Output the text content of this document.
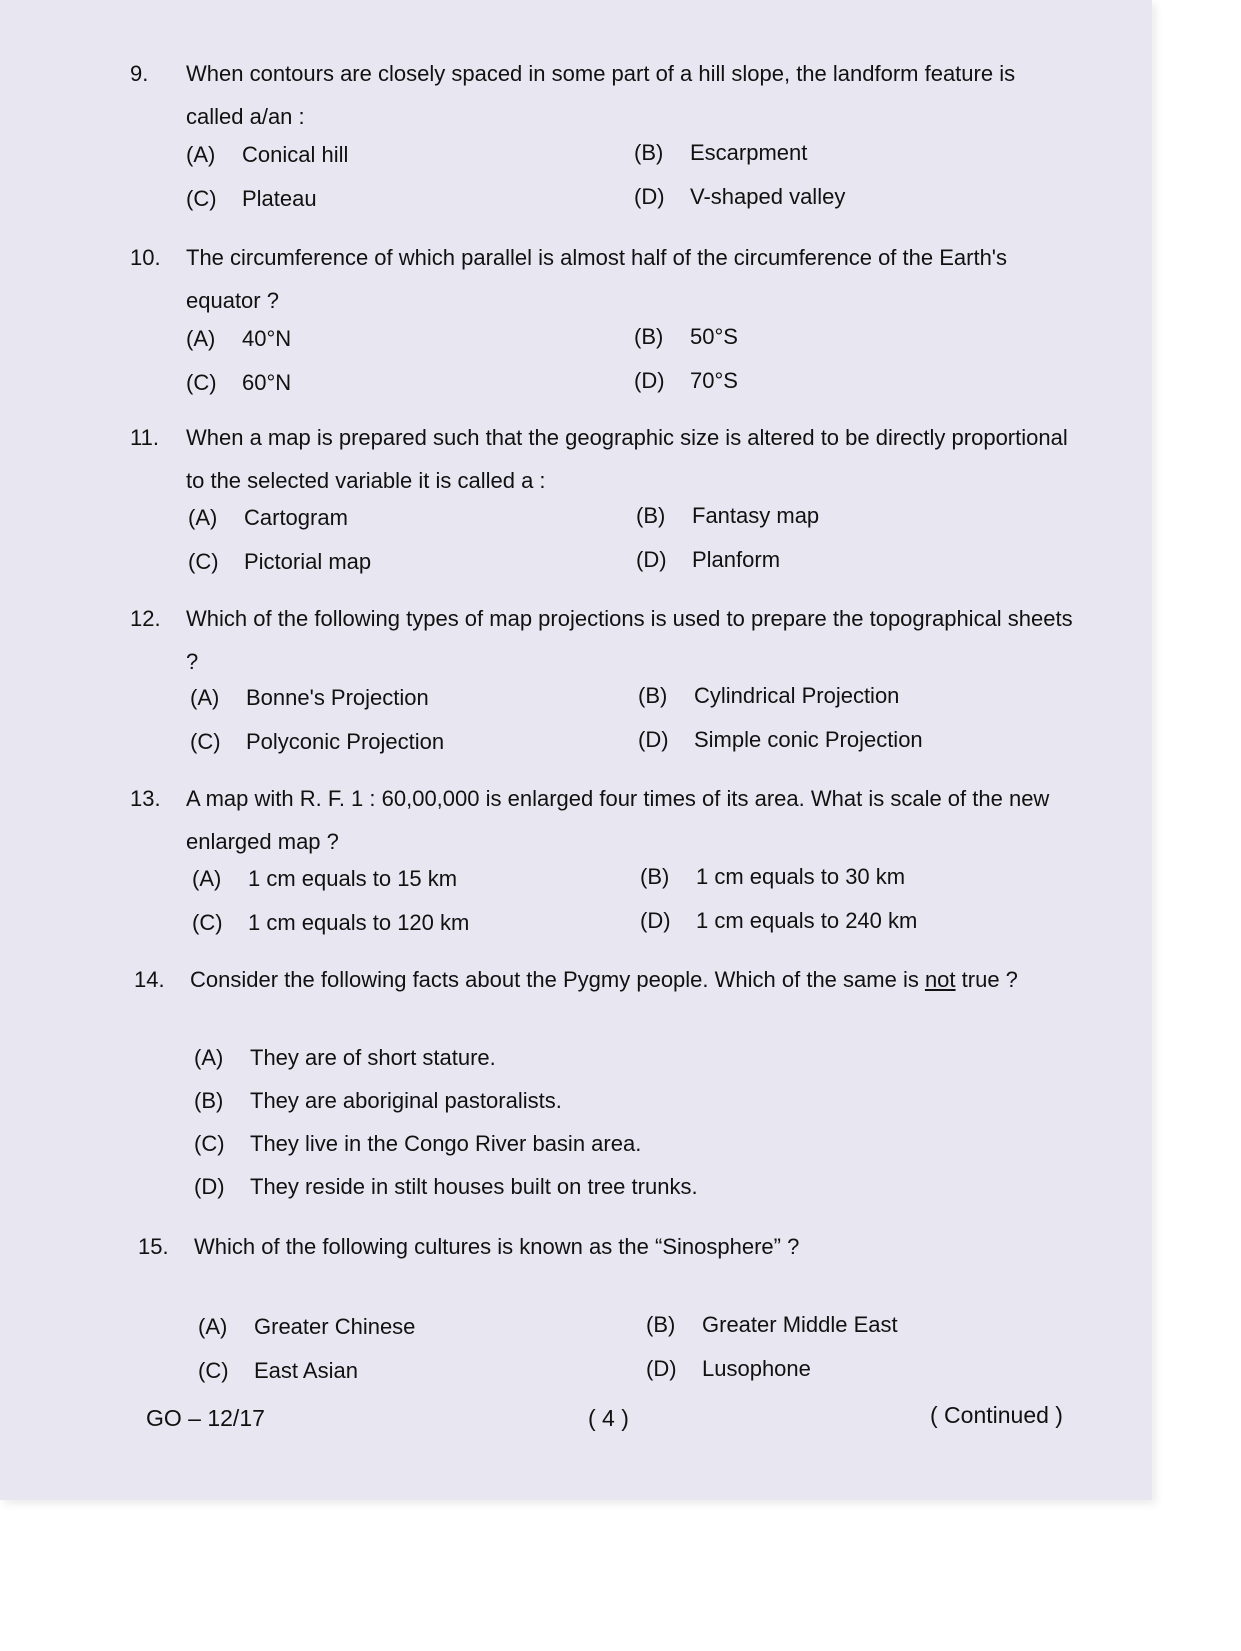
9. When contours are closely spaced in some part of a hill slope, the landform feature is called a/an :
(A) Conical hill	(B) Escarpment
(C) Plateau	(D) V-shaped valley
10. The circumference of which parallel is almost half of the circumference of the Earth's equator ?
(A) 40°N	(B) 50°S
(C) 60°N	(D) 70°S
11. When a map is prepared such that the geographic size is altered to be directly proportional to the selected variable it is called a :
(A) Cartogram	(B) Fantasy map
(C) Pictorial map	(D) Planform
12. Which of the following types of map projections is used to prepare the topographical sheets ?
(A) Bonne's Projection	(B) Cylindrical Projection
(C) Polyconic Projection	(D) Simple conic Projection
13. A map with R. F. 1 : 60,00,000 is enlarged four times of its area. What is scale of the new enlarged map ?
(A) 1 cm equals to 15 km	(B) 1 cm equals to 30 km
(C) 1 cm equals to 120 km	(D) 1 cm equals to 240 km
14. Consider the following facts about the Pygmy people. Which of the same is not true ?
(A) They are of short stature.
(B) They are aboriginal pastoralists.
(C) They live in the Congo River basin area.
(D) They reside in stilt houses built on tree trunks.
15. Which of the following cultures is known as the “Sinosphere” ?
(A) Greater Chinese	(B) Greater Middle East
(C) East Asian	(D) Lusophone
GO – 12/17	( 4 )	( Continued )
